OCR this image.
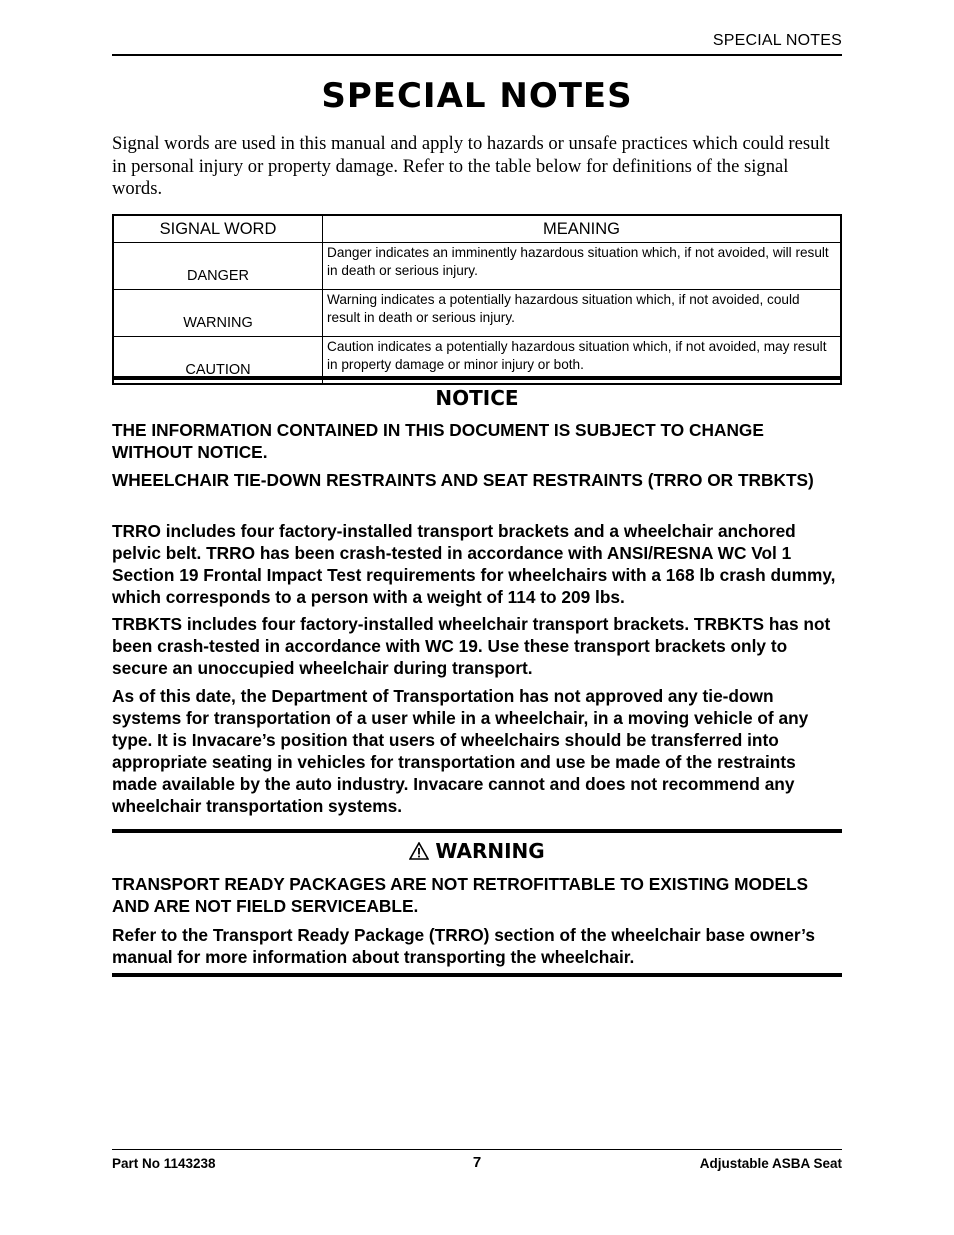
SPECIAL NOTES
SPECIAL NOTES

Signal words are used in this manual and apply to hazards or unsafe practices which could result in personal injury or property damage. Refer to the table below for definitions of the signal words.

SIGNAL WORD	MEANING
DANGER	Danger indicates an imminently hazardous situation which, if not avoided, will result in death or serious injury.
WARNING	Warning indicates a potentially hazardous situation which, if not avoided, could result in death or serious injury.
CAUTION	Caution indicates a potentially hazardous situation which, if not avoided, may result in property damage or minor injury or both.
NOTICE

THE INFORMATION CONTAINED IN THIS DOCUMENT IS SUBJECT TO CHANGE WITHOUT NOTICE.

WHEELCHAIR TIE-DOWN RESTRAINTS AND SEAT RESTRAINTS (TRRO OR TRBKTS)

TRRO includes four factory-installed transport brackets and a wheelchair anchored pelvic belt. TRRO has been crash-tested in accordance with ANSI/RESNA WC Vol 1 Section 19 Frontal Impact Test requirements for wheelchairs with a 168 lb crash dummy, which corresponds to a person with a weight of 114 to 209 lbs.

TRBKTS includes four factory-installed wheelchair transport brackets. TRBKTS has not been crash-tested in accordance with WC 19. Use these transport brackets only to secure an unoccupied wheelchair during transport.

As of this date, the Department of Transportation has not approved any tie-down systems for transportation of a user while in a wheelchair, in a moving vehicle of any type. It is Invacare’s position that users of wheelchairs should be transferred into appropriate seating in vehicles for transportation and use be made of the restraints made available by the auto industry. Invacare cannot and does not recommend any wheelchair transportation systems.

WARNING

TRANSPORT READY PACKAGES ARE NOT RETROFITTABLE TO EXISTING MODELS AND ARE NOT FIELD SERVICEABLE.

Refer to the Transport Ready Package (TRRO) section of the wheelchair base owner’s manual for more information about transporting the wheelchair.

Part No 1143238	7	Adjustable ASBA Seat
